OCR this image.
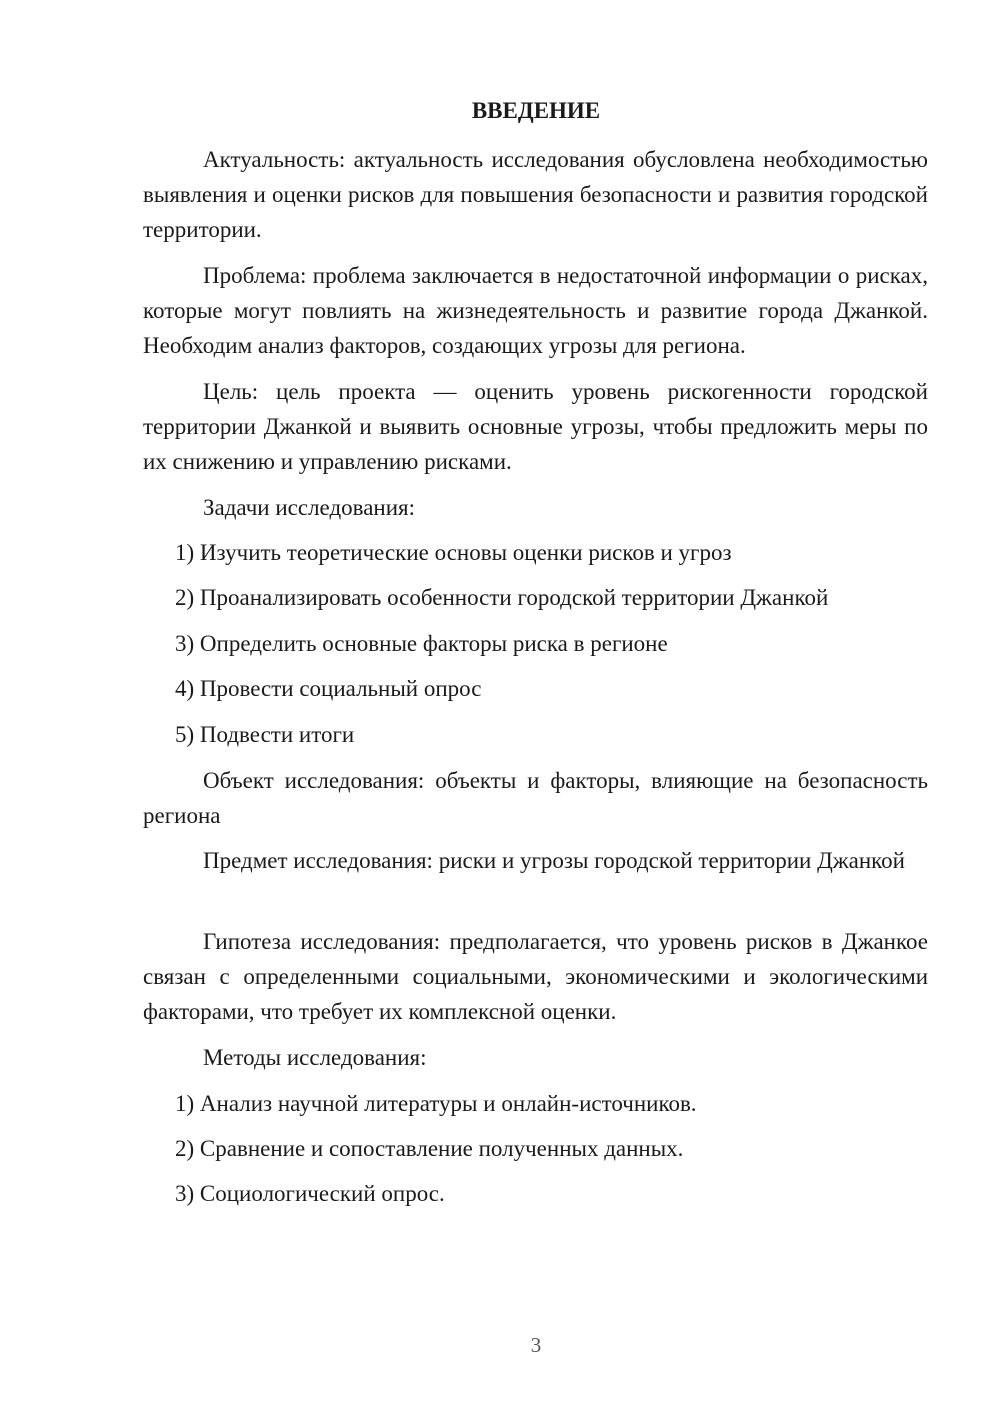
ВВЕДЕНИЕ

Актуальность: актуальность исследования обусловлена необходимостью выявления и оценки рисков для повышения безопасности и развития городской территории.

Проблема: проблема заключается в недостаточной информации о рисках, которые могут повлиять на жизнедеятельность и развитие города Джанкой. Необходим анализ факторов, создающих угрозы для региона.

Цель: цель проекта — оценить уровень рискогенности городской территории Джанкой и выявить основные угрозы, чтобы предложить меры по их снижению и управлению рисками.

Задачи исследования:

1) Изучить теоретические основы оценки рисков и угроз

2) Проанализировать особенности городской территории Джанкой

3) Определить основные факторы риска в регионе

4) Провести социальный опрос

5) Подвести итоги

Объект исследования: объекты и факторы, влияющие на безопасность региона

Предмет исследования: риски и угрозы городской территории Джанкой

Гипотеза исследования: предполагается, что уровень рисков в Джанкое связан с определенными социальными, экономическими и экологическими факторами, что требует их комплексной оценки.

Методы исследования:

1) Анализ научной литературы и онлайн-источников.

2) Сравнение и сопоставление полученных данных.

3) Социологический опрос.

3
